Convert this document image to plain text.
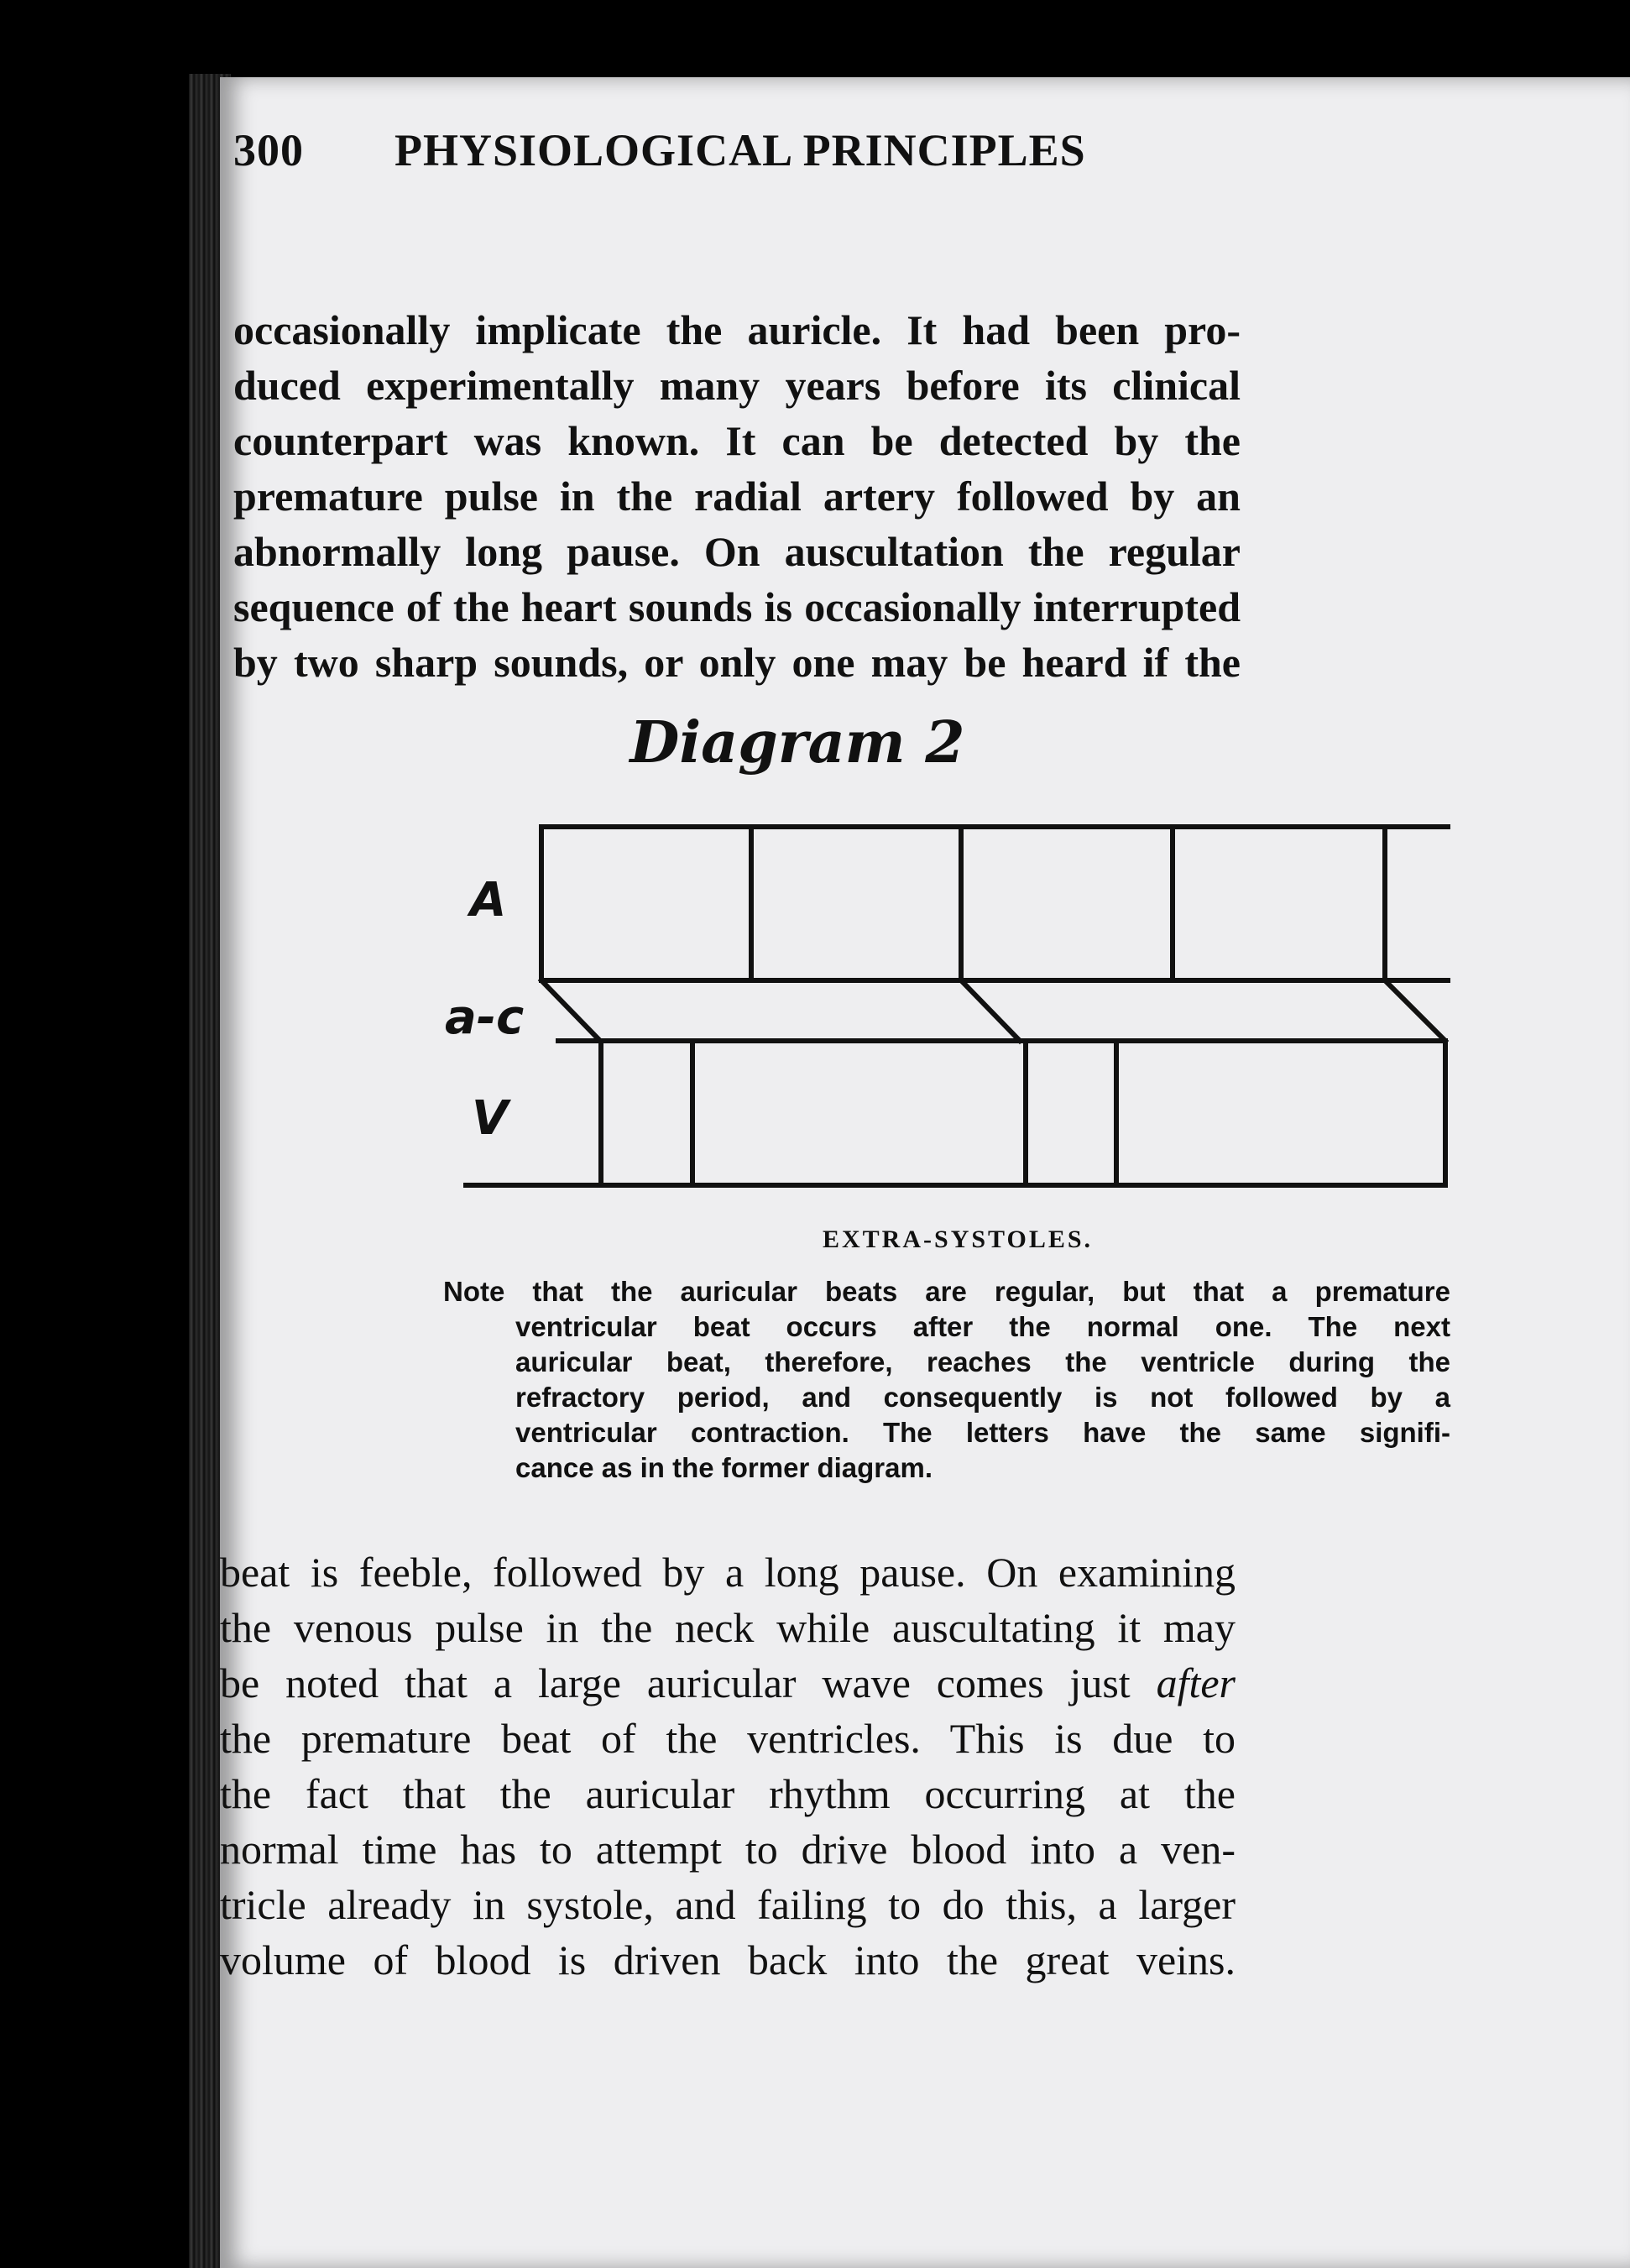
300 PHYSIOLOGICAL PRINCIPLES
occasionally implicate the auricle. It had been pro-
duced experimentally many years before its clinical
counterpart was known. It can be detected by the
premature pulse in the radial artery followed by an
abnormally long pause. On auscultation the regular
sequence of the heart sounds is occasionally interrupted
by two sharp sounds, or only one may be heard if the
Diagram 2
A
a-c
V
EXTRA-SYSTOLES.
Note that the auricular beats are regular, but that a premature
ventricular beat occurs after the normal one. The next
auricular beat, therefore, reaches the ventricle during the
refractory period, and consequently is not followed by a
ventricular contraction. The letters have the same signifi-
cance as in the former diagram.
beat is feeble, followed by a long pause. On examining
the venous pulse in the neck while auscultating it may
be noted that a large auricular wave comes just after
the premature beat of the ventricles. This is due to
the fact that the auricular rhythm occurring at the
normal time has to attempt to drive blood into a ven-
tricle already in systole, and failing to do this, a larger
volume of blood is driven back into the great veins.
